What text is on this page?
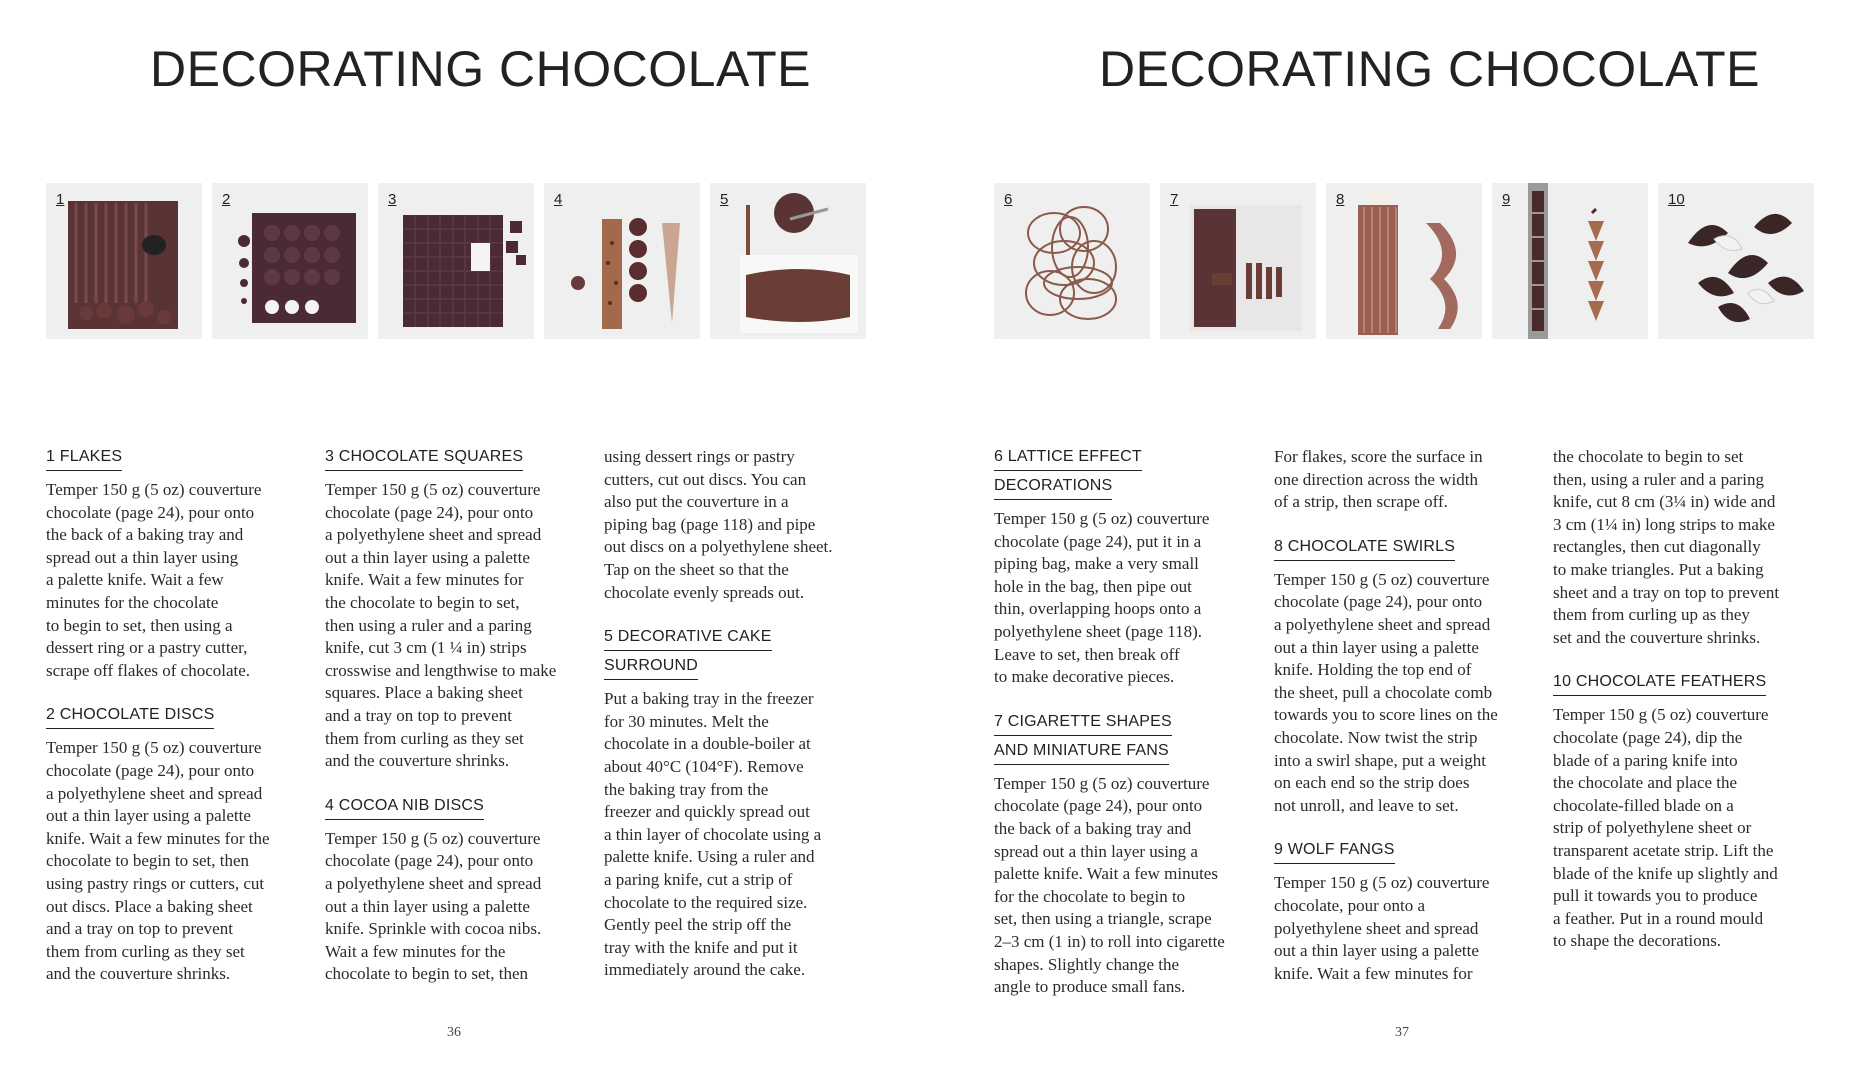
DECORATING CHOCOLATE
1	2	3	4	5
1 FLAKES

Temper 150 g (5 oz) couverture
chocolate (page 24), pour onto
the back of a baking tray and
spread out a thin layer using
a palette knife. Wait a few
minutes for the chocolate
to begin to set, then using a
dessert ring or a pastry cutter,
scrape off flakes of chocolate.

2 CHOCOLATE DISCS

Temper 150 g (5 oz) couverture
chocolate (page 24), pour onto
a polyethylene sheet and spread
out a thin layer using a palette
knife. Wait a few minutes for the
chocolate to begin to set, then
using pastry rings or cutters, cut
out discs. Place a baking sheet
and a tray on top to prevent
them from curling as they set
and the couverture shrinks.

3 CHOCOLATE SQUARES

Temper 150 g (5 oz) couverture
chocolate (page 24), pour onto
a polyethylene sheet and spread
out a thin layer using a palette
knife. Wait a few minutes for
the chocolate to begin to set,
then using a ruler and a paring
knife, cut 3 cm (1 ¼ in) strips
crosswise and lengthwise to make
squares. Place a baking sheet
and a tray on top to prevent
them from curling as they set
and the couverture shrinks.

4 COCOA NIB DISCS

Temper 150 g (5 oz) couverture
chocolate (page 24), pour onto
a polyethylene sheet and spread
out a thin layer using a palette
knife. Sprinkle with cocoa nibs.
Wait a few minutes for the
chocolate to begin to set, then

using dessert rings or pastry
cutters, cut out discs. You can
also put the couverture in a
piping bag (page 118) and pipe
out discs on a polyethylene sheet.
Tap on the sheet so that the
chocolate evenly spreads out.

5 DECORATIVE CAKE
SURROUND

Put a baking tray in the freezer
for 30 minutes. Melt the
chocolate in a double-boiler at
about 40°C (104°F). Remove
the baking tray from the
freezer and quickly spread out
a thin layer of chocolate using a
palette knife. Using a ruler and
a paring knife, cut a strip of
chocolate to the required size.
Gently peel the strip off the
tray with the knife and put it
immediately around the cake.

36
DECORATING CHOCOLATE
6	7	8	9	10
6 LATTICE EFFECT
DECORATIONS

Temper 150 g (5 oz) couverture
chocolate (page 24), put it in a
piping bag, make a very small
hole in the bag, then pipe out
thin, overlapping hoops onto a
polyethylene sheet (page 118).
Leave to set, then break off
to make decorative pieces.

7 CIGARETTE SHAPES
AND MINIATURE FANS

Temper 150 g (5 oz) couverture
chocolate (page 24), pour onto
the back of a baking tray and
spread out a thin layer using a
palette knife. Wait a few minutes
for the chocolate to begin to
set, then using a triangle, scrape
2–3 cm (1 in) to roll into cigarette
shapes. Slightly change the
angle to produce small fans.

For flakes, score the surface in
one direction across the width
of a strip, then scrape off.

8 CHOCOLATE SWIRLS

Temper 150 g (5 oz) couverture
chocolate (page 24), pour onto
a polyethylene sheet and spread
out a thin layer using a palette
knife. Holding the top end of
the sheet, pull a chocolate comb
towards you to score lines on the
chocolate. Now twist the strip
into a swirl shape, put a weight
on each end so the strip does
not unroll, and leave to set.

9 WOLF FANGS

Temper 150 g (5 oz) couverture
chocolate, pour onto a
polyethylene sheet and spread
out a thin layer using a palette
knife. Wait a few minutes for

the chocolate to begin to set
then, using a ruler and a paring
knife, cut 8 cm (3¼ in) wide and
3 cm (1¼ in) long strips to make
rectangles, then cut diagonally
to make triangles. Put a baking
sheet and a tray on top to prevent
them from curling up as they
set and the couverture shrinks.

10 CHOCOLATE FEATHERS

Temper 150 g (5 oz) couverture
chocolate (page 24), dip the
blade of a paring knife into
the chocolate and place the
chocolate-filled blade on a
strip of polyethylene sheet or
transparent acetate strip. Lift the
blade of the knife up slightly and
pull it towards you to produce
a feather. Put in a round mould
to shape the decorations.

37
